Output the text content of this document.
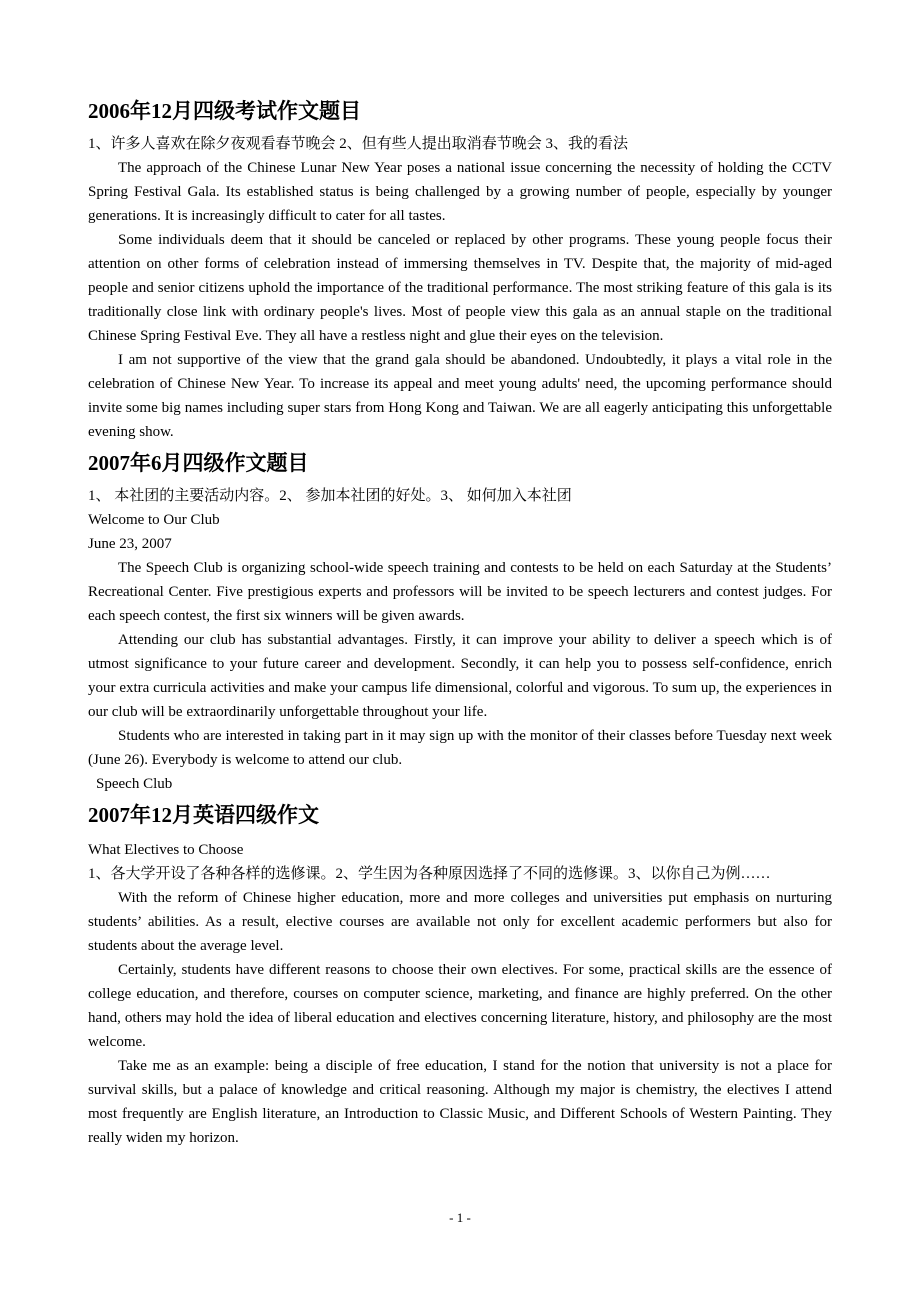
2006年12月四级考试作文题目

1、许多人喜欢在除夕夜观看春节晚会 2、但有些人提出取消春节晚会 3、我的看法

The approach of the Chinese Lunar New Year poses a national issue concerning the necessity of holding the CCTV Spring Festival Gala. Its established status is being challenged by a growing number of people, especially by younger generations. It is increasingly difficult to cater for all tastes.

Some individuals deem that it should be canceled or replaced by other programs. These young people focus their attention on other forms of celebration instead of immersing themselves in TV. Despite that, the majority of mid-aged people and senior citizens uphold the importance of the traditional performance. The most striking feature of this gala is its traditionally close link with ordinary people's lives. Most of people view this gala as an annual staple on the traditional Chinese Spring Festival Eve. They all have a restless night and glue their eyes on the television.

I am not supportive of the view that the grand gala should be abandoned. Undoubtedly, it plays a vital role in the celebration of Chinese New Year. To increase its appeal and meet young adults' need, the upcoming performance should invite some big names including super stars from Hong Kong and Taiwan. We are all eagerly anticipating this unforgettable evening show.

2007年6月四级作文题目

1、 本社团的主要活动内容。2、 参加本社团的好处。3、 如何加入本社团

Welcome to Our Club

June 23, 2007

The Speech Club is organizing school-wide speech training and contests to be held on each Saturday at the Students’ Recreational Center. Five prestigious experts and professors will be invited to be speech lecturers and contest judges. For each speech contest, the first six winners will be given awards.

Attending our club has substantial advantages. Firstly, it can improve your ability to deliver a speech which is of utmost significance to your future career and development. Secondly, it can help you to possess self-confidence, enrich your extra curricula activities and make your campus life dimensional, colorful and vigorous. To sum up, the experiences in our club will be extraordinarily unforgettable throughout your life.

Students who are interested in taking part in it may sign up with the monitor of their classes before Tuesday next week (June 26). Everybody is welcome to attend our club.

Speech Club

2007年12月英语四级作文

What Electives to Choose

1、各大学开设了各种各样的选修课。2、学生因为各种原因选择了不同的选修课。3、以你自己为例……

With the reform of Chinese higher education, more and more colleges and universities put emphasis on nurturing students’ abilities. As a result, elective courses are available not only for excellent academic performers but also for students about the average level.

Certainly, students have different reasons to choose their own electives. For some, practical skills are the essence of college education, and therefore, courses on computer science, marketing, and finance are highly preferred. On the other hand, others may hold the idea of liberal education and electives concerning literature, history, and philosophy are the most welcome.

Take me as an example: being a disciple of free education, I stand for the notion that university is not a place for survival skills, but a palace of knowledge and critical reasoning. Although my major is chemistry, the electives I attend most frequently are English literature, an Introduction to Classic Music, and Different Schools of Western Painting. They really widen my horizon.

- 1 -
